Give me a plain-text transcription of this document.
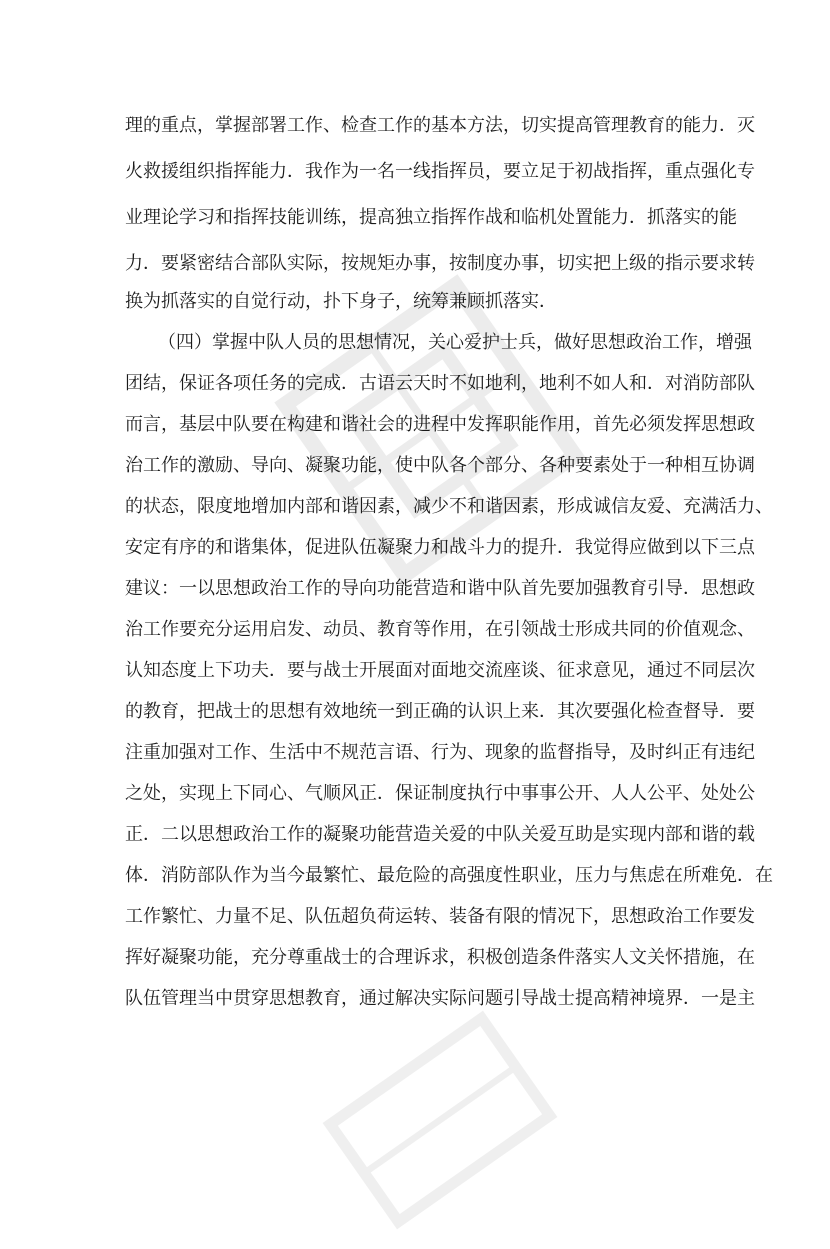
理的重点，掌握部署工作、检查工作的基本方法，切实提高管理教育的能力．灭
火救援组织指挥能力．我作为一名一线指挥员，要立足于初战指挥，重点强化专
业理论学习和指挥技能训练，提高独立指挥作战和临机处置能力．抓落实的能
力．要紧密结合部队实际，按规矩办事，按制度办事，切实把上级的指示要求转
换为抓落实的自觉行动，扑下身子，统筹兼顾抓落实．
（四）掌握中队人员的思想情况，关心爱护士兵，做好思想政治工作，增强
团结，保证各项任务的完成．古语云天时不如地利，地利不如人和．对消防部队
而言，基层中队要在构建和谐社会的进程中发挥职能作用，首先必须发挥思想政
治工作的激励、导向、凝聚功能，使中队各个部分、各种要素处于一种相互协调
的状态，限度地增加内部和谐因素，减少不和谐因素，形成诚信友爱、充满活力、
安定有序的和谐集体，促进队伍凝聚力和战斗力的提升．我觉得应做到以下三点
建议：一以思想政治工作的导向功能营造和谐中队首先要加强教育引导．思想政
治工作要充分运用启发、动员、教育等作用，在引领战士形成共同的价值观念、
认知态度上下功夫．要与战士开展面对面地交流座谈、征求意见，通过不同层次
的教育，把战士的思想有效地统一到正确的认识上来．其次要强化检查督导．要
注重加强对工作、生活中不规范言语、行为、现象的监督指导，及时纠正有违纪
之处，实现上下同心、气顺风正．保证制度执行中事事公开、人人公平、处处公
正．二以思想政治工作的凝聚功能营造关爱的中队关爱互助是实现内部和谐的载
体．消防部队作为当今最繁忙、最危险的高强度性职业，压力与焦虑在所难免．在
工作繁忙、力量不足、队伍超负荷运转、装备有限的情况下，思想政治工作要发
挥好凝聚功能，充分尊重战士的合理诉求，积极创造条件落实人文关怀措施，在
队伍管理当中贯穿思想教育，通过解决实际问题引导战士提高精神境界．一是主
